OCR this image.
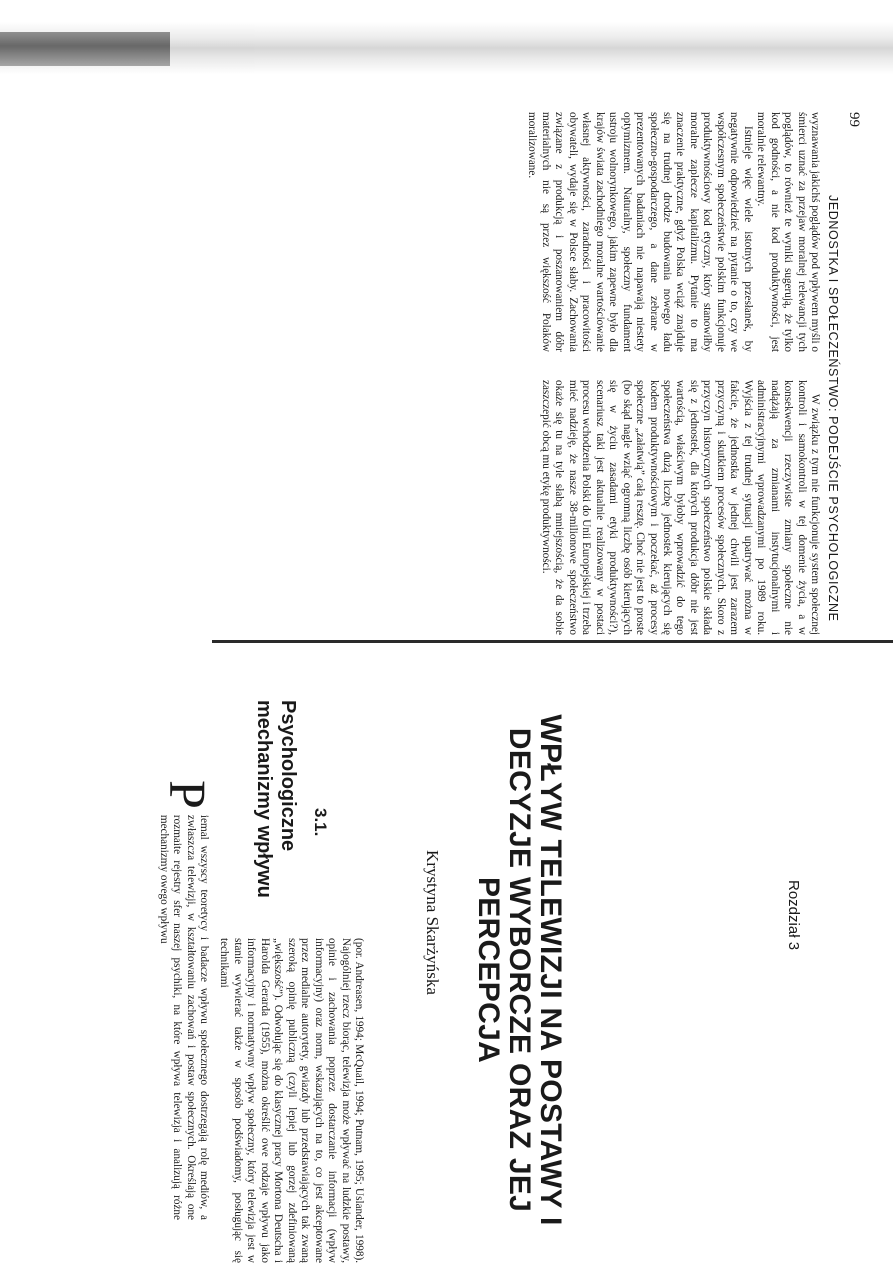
99
JEDNOSTKA I SPOŁECZEŃSTWO: PODEJŚCIE PSYCHOLOGICZNE

wyznawania jakichś poglądów pod wpływem myśli o śmierci uznać za przejaw moralnej relewancji tych poglądów, to również te wyniki sugerują, że tylko kod godności, a nie kod produktywności, jest moralnie relewantny.

Istnieje więc wiele istotnych przesłanek, by negatywnie odpowiedzieć na pytanie o to, czy we współczesnym społeczeństwie polskim funkcjonuje produktywnościowy kod etyczny, który stanowiłby moralne zaplecze kapitalizmu. Pytanie to ma znaczenie praktyczne, gdyż Polska wciąż znajduje się na trudnej drodze budowania nowego ładu społeczno-gospodarczego, a dane zebrane w prezentowanych badaniach nie napawają niestety optymizmem. Naturalny, społeczny fundament ustroju wolnorynkowego, jakim zapewne było dla krajów świata zachodniego moralne wartościowanie własnej aktywności, zaradności i pracowitości obywateli, wydaje się w Polsce słaby. Zachowania związane z produkcją i poszanowaniem dóbr materialnych nie są przez większość Polaków moralizowane.

W związku z tym nie funkcjonuje system społecznej kontroli i samokontroli w tej domenie życia, a w konsekwencji rzeczywiste zmiany społeczne nie nadążają za zmianami instytucjonalnymi i administracyjnymi wprowadzanymi po 1989 roku. Wyjścia z tej trudnej sytuacji upatrywać można w fakcie, że jednostka w jednej chwili jest zarazem przyczyną i skutkiem procesów społecznych. Skoro z przyczyn historycznych społeczeństwo polskie składa się z jednostek, dla których produkcja dóbr nie jest wartością, właściwym byłoby wprowadzić do tego społeczeństwa dużą liczbę jednostek kierujących się kodem produktywnościowym i poczekać, aż procesy społeczne „załatwią” całą resztę. Choć nie jest to proste (bo skąd nagle wziąć ogromną liczbę osób kierujących się w życiu zasadami etyki produktywności?), scenariusz taki jest aktualnie realizowany w postaci procesu wchodzenia Polski do Unii Europejskiej i trzeba mieć nadzieję, że nasze 38-milionowe społeczeństwo okaże się tu na tyle słabą mniejszością, że da sobie zaszczepić obcą mu etykę produktywności.

Rozdział 3
WPŁYW TELEWIZJI NA POSTAWY I DECYZJE WYBORCZE ORAZ JEJ PERCEPCJA
Krystyna Skarżyńska
3.1.
Psychologiczne mechanizmy wpływu

P
iemal wszyscy teoretycy i badacze wpływu społecznego dostrzegają rolę mediów, a zwłaszcza telewizji, w kształtowaniu zachowań i postaw społecznych. Określają one rozmaite rejestry sfer naszej psychiki, na które wpływa telewizja i analizują różne mechanizmy owego wpływu

(por. Andreasen, 1994; McQuail, 1994; Putnam, 1995; Uslander, 1998). Najogólniej rzecz biorąc, telewizja może wpływać na ludzkie postawy, opinie i zachowania poprzez dostarczanie informacji (wpływ informacyjny) oraz norm, wskazujących na to, co jest akceptowane przez medialne autorytety, gwiazdy lub przedstawiających tak zwaną szeroką opinię publiczną (czyli lepiej lub gorzej zdefiniowaną „większość”). Odwołując się do klasycznej pracy Mortona Deutscha i Harolda Gerarda (1955), można określić owe rodzaje wpływu jako informacyjny i normatywny wpływ społeczny, który telewizja jest w stanie wywierać także w sposób podświadomy, posługując się technikami
